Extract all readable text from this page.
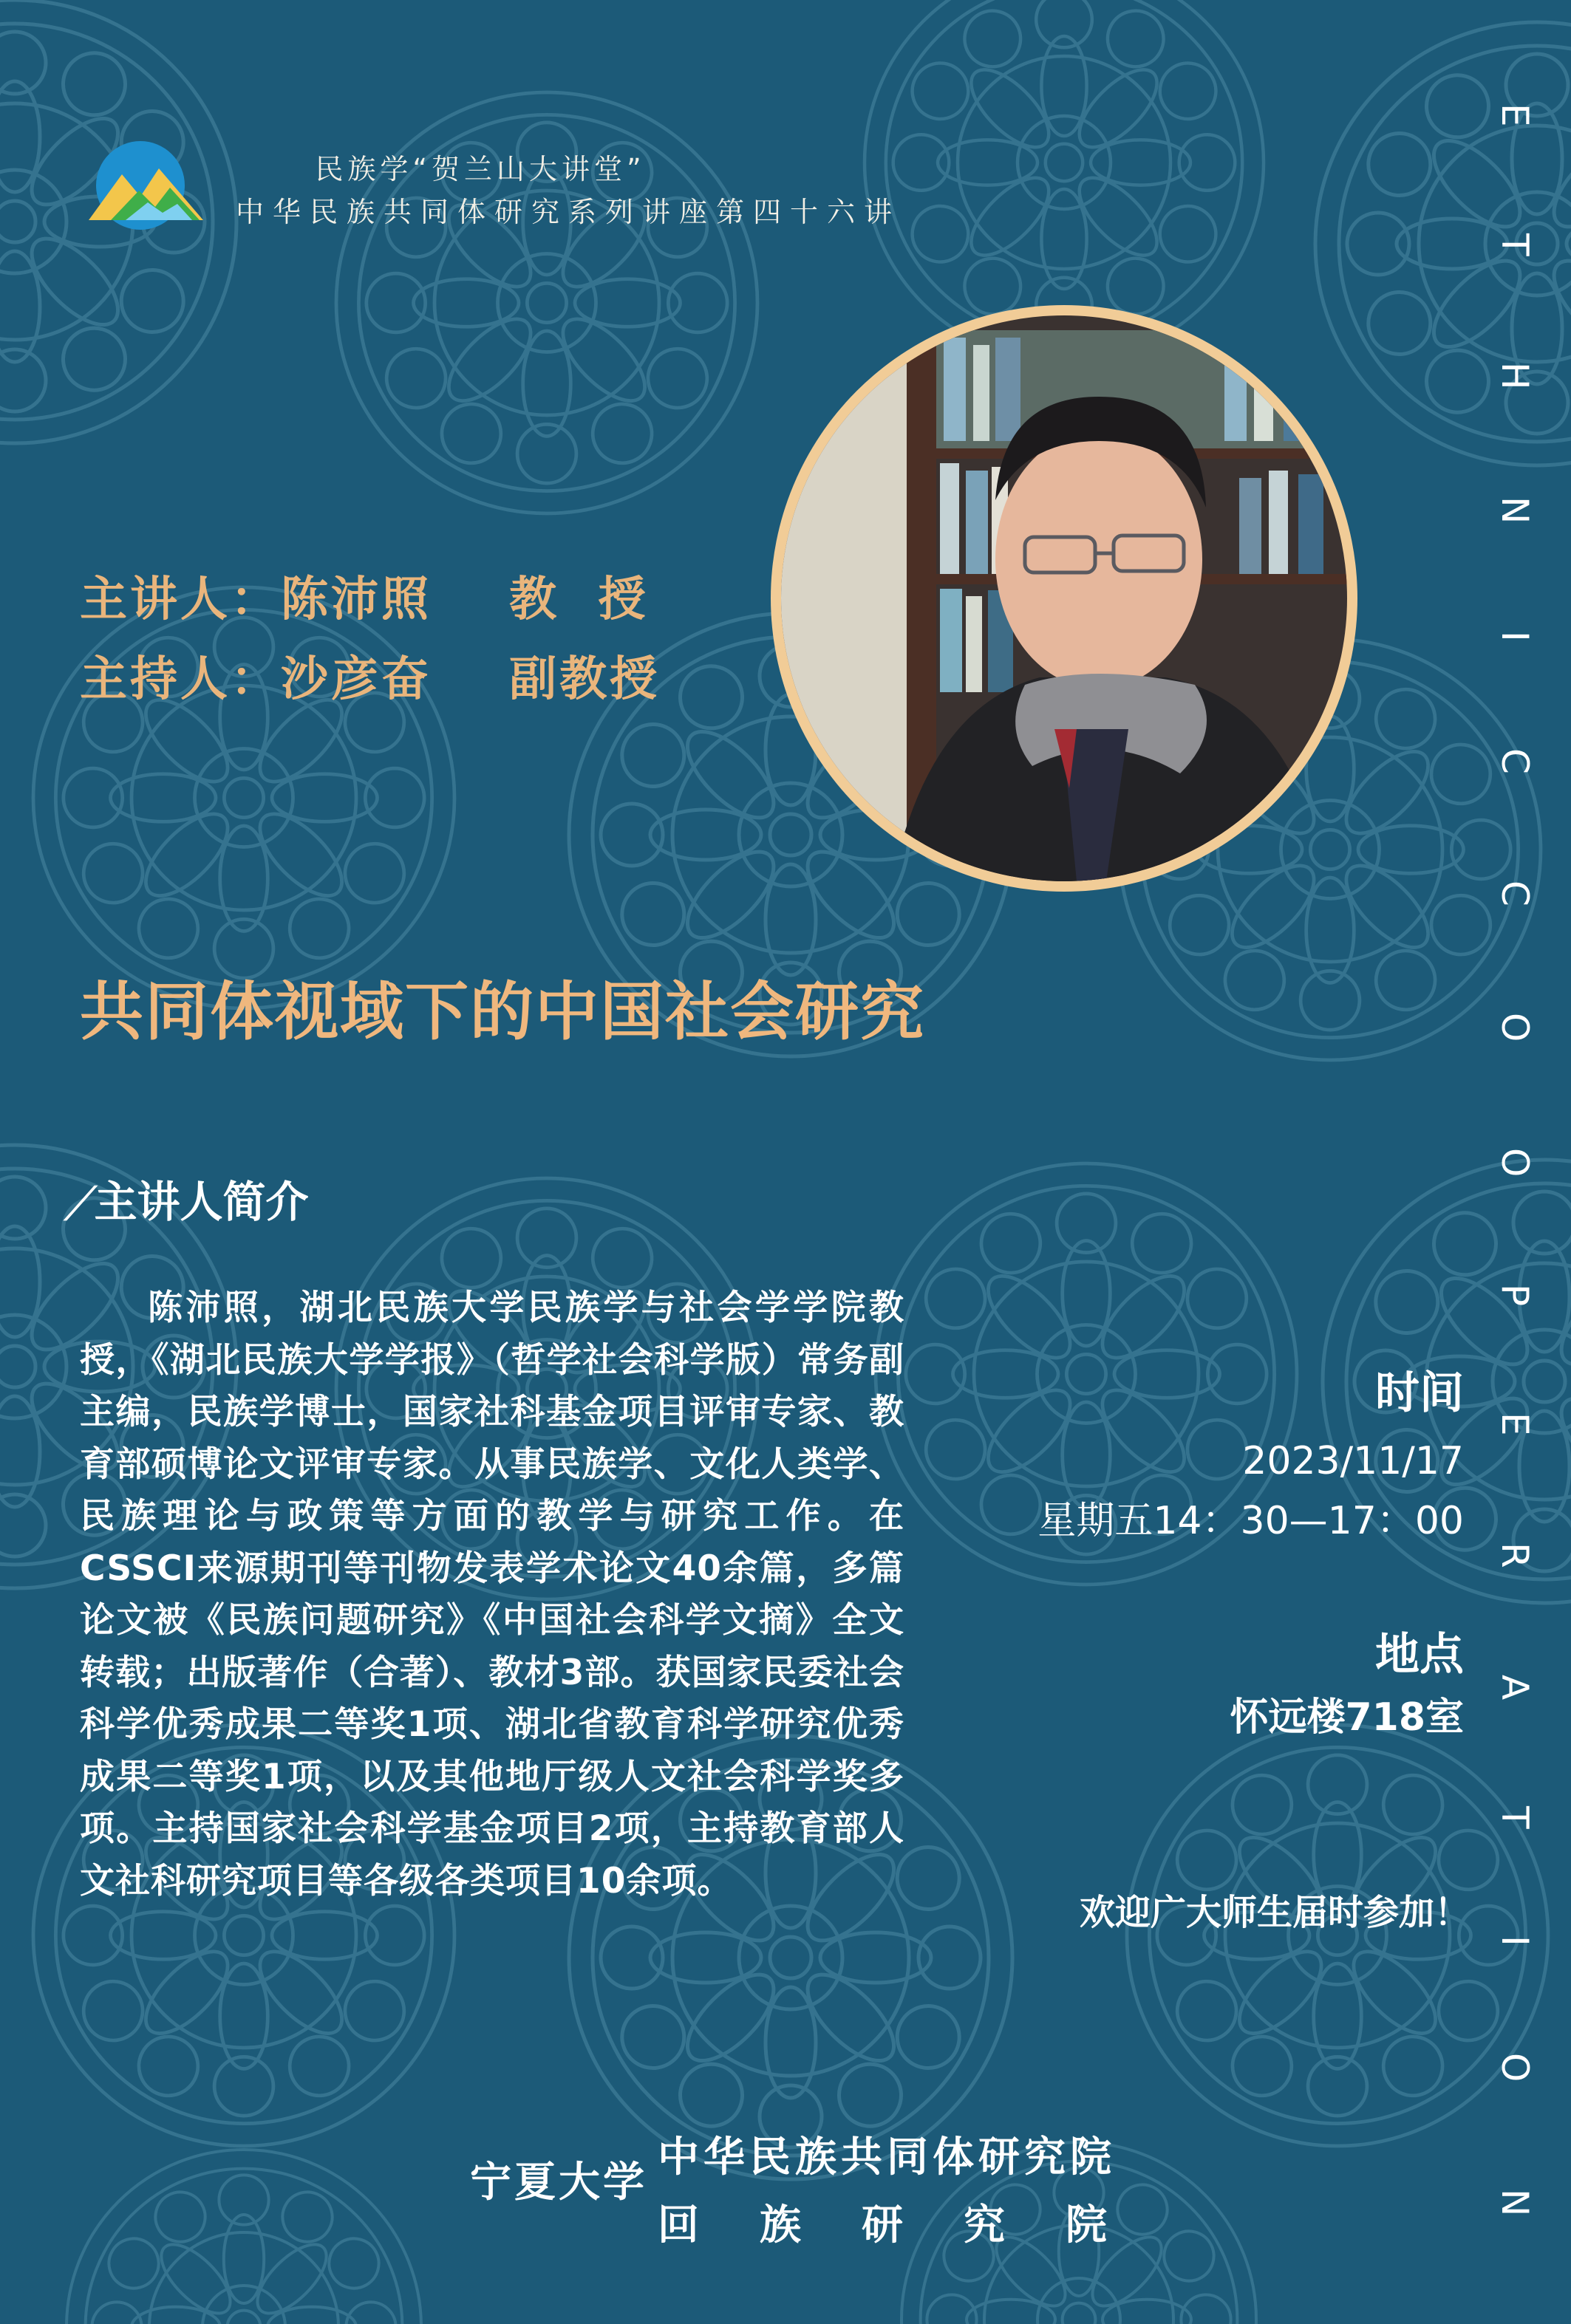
民族学“贺兰山大讲堂”
中华民族共同体研究系列讲座第四十六讲
主讲人：陈沛照    教  授
主持人：沙彦奋    副教授
共同体视域下的中国社会研究
/主讲人简介
陈沛照，湖北民族大学民族学与社会学学院教授，《湖北民族大学学报》（哲学社会科学版）常务副主编，民族学博士，国家社科基金项目评审专家、教育部硕博论文评审专家。从事民族学、文化人类学、民族理论与政策等方面的教学与研究工作。在CSSCI来源期刊等刊物发表学术论文40余篇，多篇论文被《民族问题研究》《中国社会科学文摘》全文转载；出版著作（合著）、教材3部。获国家民委社会科学优秀成果二等奖1项、湖北省教育科学研究优秀成果二等奖1项，以及其他地厅级人文社会科学奖多项。主持国家社会科学基金项目2项，主持教育部人文社科研究项目等各级各类项目10余项。
时间
2023/11/17
星期五14：30—17：00
地点
怀远楼718室
欢迎广大师生届时参加！
E
T
H
N
I
C
C
O
O
P
E
R
A
T
I
O
N
宁夏大学
中华民族共同体研究院
回族研究院
